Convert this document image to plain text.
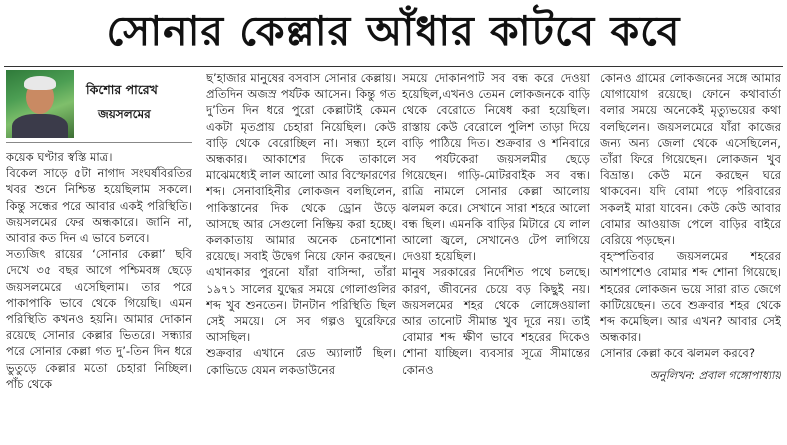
সোনার কেল্লার আঁধার কাটবে কবে
কিশোর পারেখ
জয়সলমের

কয়েক ঘণ্টার স্বস্তি মাত্র।

বিকেল সাড়ে ৫টা নাগাদ সংঘর্ষবিরতির খবর শুনে নিশ্চিন্ত হয়েছিলাম সকলে। কিন্তু সন্ধের পরে আবার একই পরিস্থিতি। জয়সলমের ফের অন্ধকারে। জানি না, আবার কত দিন এ ভাবে চলবে।

সত্যজিৎ রায়ের ‘সোনার কেল্লা’ ছবি দেখে ৩৫ বছর আগে পশ্চিমবঙ্গ ছেড়ে জয়সলমেরে এসেছিলাম। তার পরে পাকাপাকি ভাবে থেকে গিয়েছি। এমন পরিস্থিতি কখনও হয়নি। আমার দোকান রয়েছে সোনার কেল্লার ভিতরে। সন্ধ্যার পরে সোনার কেল্লা গত দু’-তিন দিন ধরে ভুতুড়ে কেল্লার মতো চেহারা নিচ্ছিল। পাঁচ থেকে

ছ’হাজার মানুষের বসবাস সোনার কেল্লায়। প্রতিদিন অজস্র পর্যটক আসেন। কিন্তু গত দু’তিন দিন ধরে পুরো কেল্লাটাই কেমন একটা মৃতপ্রায় চেহারা নিয়েছিল। কেউ বাড়ি থেকে বেরোচ্ছিল না। সন্ধ্যা হলে অন্ধকার। আকাশের দিকে তাকালে মাঝেমধ্যেই লাল আলো আর বিস্ফোরণের শব্দ। সেনাবাহিনীর লোকজন বলছিলেন, পাকিস্তানের দিক থেকে ড্রোন উড়ে আসছে আর সেগুলো নিষ্ক্রিয় করা হচ্ছে। কলকাতায় আমার অনেক চেনাশোনা রয়েছে। সবাই উদ্বেগ নিয়ে ফোন করছেন। এখানকার পুরনো যাঁরা বাসিন্দা, তাঁরা ১৯৭১ সালের যুদ্ধের সময়ে গোলাগুলির শব্দ খুব শুনতেন। টানটান পরিস্থিতি ছিল সেই সময়ে। সে সব গল্পও ঘুরেফিরে আসছিল।

শুক্রবার এখানে রেড অ্যালার্ট ছিল। কোভিডে যেমন লকডাউনের

সময়ে দোকানপাট সব বন্ধ করে দেওয়া হয়েছিল,এখনও তেমন লোকজনকে বাড়ি থেকে বেরোতে নিষেধ করা হয়েছিল। রাস্তায় কেউ বেরোলে পুলিশ তাড়া দিয়ে বাড়ি পাঠিয়ে দিত। শুক্রবার ও শনিবারে সব পর্যটকেরা জয়সলমীর ছেড়ে গিয়েছেন। গাড়ি-মোটরবাইক সব বন্ধ। রাত্রি নামলে সোনার কেল্লা আলোয় ঝলমল করে। সেখানে সারা শহরে আলো বন্ধ ছিল। এমনকি বাড়ির মিটারে যে লাল আলো জ্বলে, সেখানেও টেপ লাগিয়ে দেওয়া হয়েছিল।

মানুষ সরকারের নির্দেশিত পথে চলছে। কারণ, জীবনের চেয়ে বড় কিছুই নয়। জয়সলমের শহর থেকে লোঙ্গেওয়ালা আর তানোট সীমান্ত খুব দূরে নয়। তাই বোমার শব্দ ক্ষীণ ভাবে শহরের দিকেও শোনা যাচ্ছিল। ব্যবসার সূত্রে সীমান্তের কোনও

কোনও গ্রামের লোকজনের সঙ্গে আমার যোগাযোগ রয়েছে। ফোনে কথাবার্তা বলার সময়ে অনেকেই মৃত্যুভয়ের কথা বলছিলেন। জয়সলমেরে যাঁরা কাজের জন্য অন্য জেলা থেকে এসেছিলেন, তাঁরা ফিরে গিয়েছেন। লোকজন খুব বিভ্রান্ত। কেউ মনে করছেন ঘরে থাকবেন। যদি বোমা পড়ে পরিবারের সকলই মারা যাবেন। কেউ কেউ আবার বোমার আওয়াজ পেলে বাড়ির বাইরে বেরিয়ে পড়ছেন।

বৃহস্পতিবার জয়সলমের শহরের আশপাশেও বোমার শব্দ শোনা গিয়েছে। শহরের লোকজন ভয়ে সারা রাত জেগে কাটিয়েছেন। তবে শুক্রবার শহর থেকে শব্দ কমেছিল। আর এখন? আবার সেই অন্ধকার।

সোনার কেল্লা কবে ঝলমল করবে?

অনুলিখন: প্রবাল গঙ্গোপাধ্যায়
